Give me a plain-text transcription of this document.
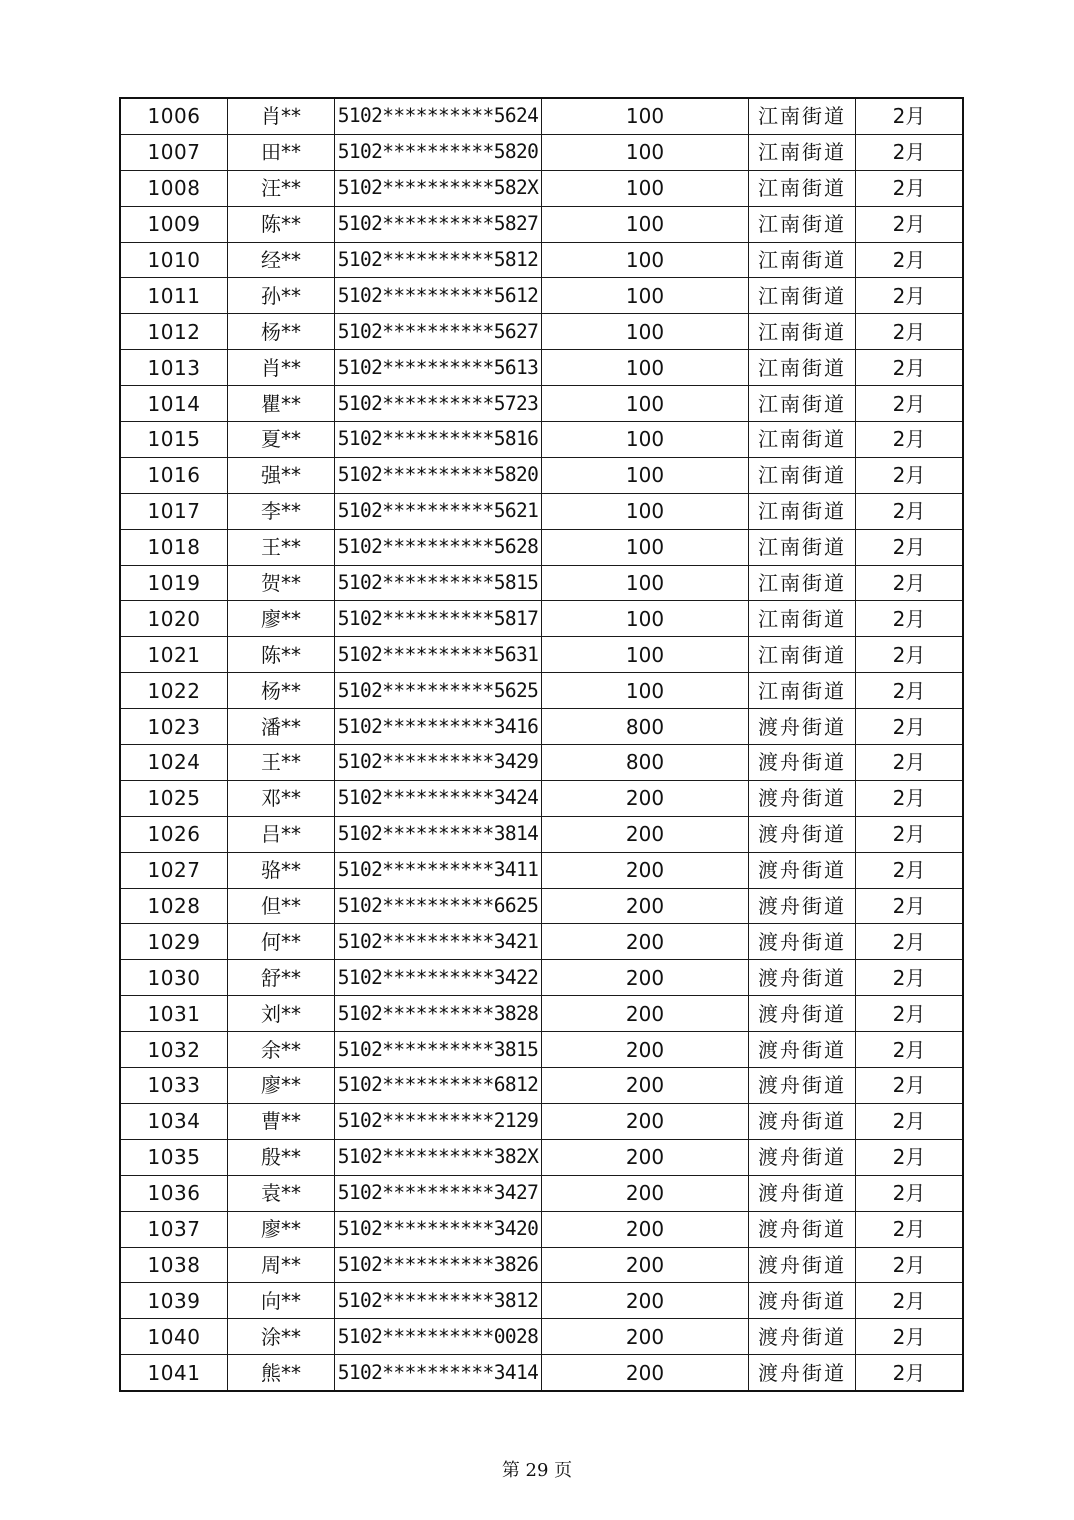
1006	肖**	5102**********5624	100	江南街道	2月
1007	田**	5102**********5820	100	江南街道	2月
1008	汪**	5102**********582X	100	江南街道	2月
1009	陈**	5102**********5827	100	江南街道	2月
1010	经**	5102**********5812	100	江南街道	2月
1011	孙**	5102**********5612	100	江南街道	2月
1012	杨**	5102**********5627	100	江南街道	2月
1013	肖**	5102**********5613	100	江南街道	2月
1014	瞿**	5102**********5723	100	江南街道	2月
1015	夏**	5102**********5816	100	江南街道	2月
1016	强**	5102**********5820	100	江南街道	2月
1017	李**	5102**********5621	100	江南街道	2月
1018	王**	5102**********5628	100	江南街道	2月
1019	贺**	5102**********5815	100	江南街道	2月
1020	廖**	5102**********5817	100	江南街道	2月
1021	陈**	5102**********5631	100	江南街道	2月
1022	杨**	5102**********5625	100	江南街道	2月
1023	潘**	5102**********3416	800	渡舟街道	2月
1024	王**	5102**********3429	800	渡舟街道	2月
1025	邓**	5102**********3424	200	渡舟街道	2月
1026	吕**	5102**********3814	200	渡舟街道	2月
1027	骆**	5102**********3411	200	渡舟街道	2月
1028	但**	5102**********6625	200	渡舟街道	2月
1029	何**	5102**********3421	200	渡舟街道	2月
1030	舒**	5102**********3422	200	渡舟街道	2月
1031	刘**	5102**********3828	200	渡舟街道	2月
1032	余**	5102**********3815	200	渡舟街道	2月
1033	廖**	5102**********6812	200	渡舟街道	2月
1034	曹**	5102**********2129	200	渡舟街道	2月
1035	殷**	5102**********382X	200	渡舟街道	2月
1036	袁**	5102**********3427	200	渡舟街道	2月
1037	廖**	5102**********3420	200	渡舟街道	2月
1038	周**	5102**********3826	200	渡舟街道	2月
1039	向**	5102**********3812	200	渡舟街道	2月
1040	涂**	5102**********0028	200	渡舟街道	2月
1041	熊**	5102**********3414	200	渡舟街道	2月
第 29 页
